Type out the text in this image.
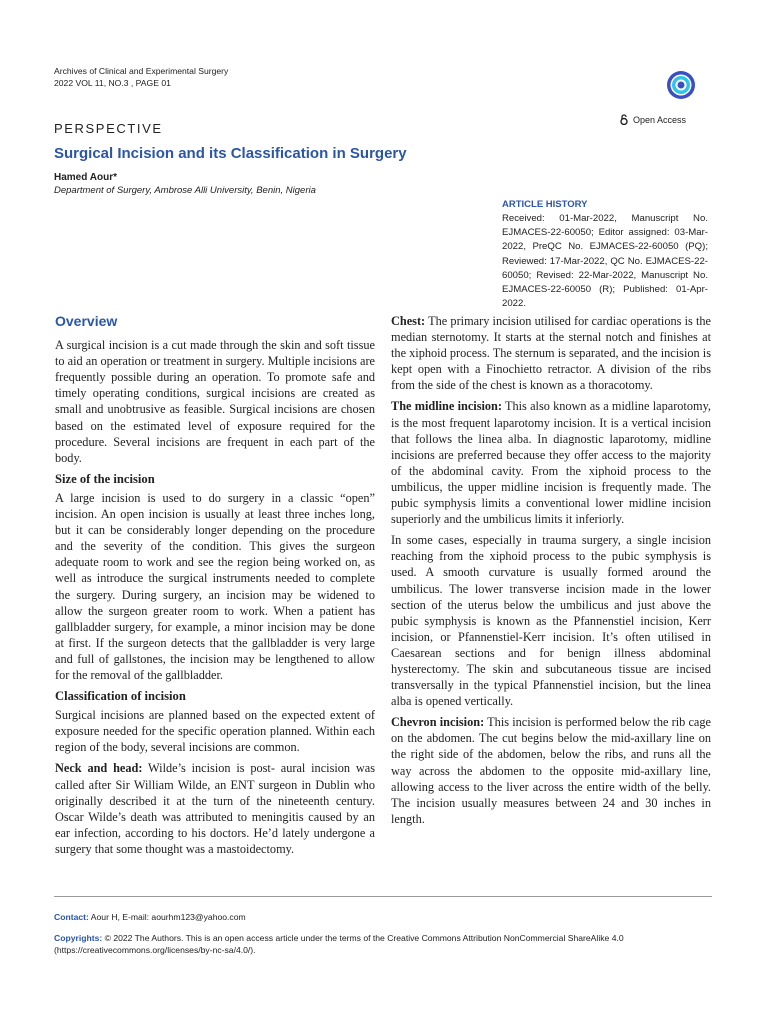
Archives of Clinical and Experimental Surgery
2022 VOL 11, NO.3 , PAGE 01
PERSPECTIVE
Open Access
Surgical Incision and its Classification in Surgery
Hamed Aour*
Department of Surgery, Ambrose Alli University, Benin, Nigeria
ARTICLE HISTORY
Received: 01-Mar-2022, Manuscript No. EJMACES-22-60050; Editor assigned: 03-Mar-2022, PreQC No. EJMACES-22-60050 (PQ); Reviewed: 17-Mar-2022, QC No. EJMACES-22-60050; Revised: 22-Mar-2022, Manuscript No. EJMACES-22-60050 (R); Published: 01-Apr-2022.
Overview

A surgical incision is a cut made through the skin and soft tissue to aid an operation or treatment in surgery. Multiple incisions are frequently possible during an operation. To promote safe and timely operating conditions, surgical incisions are created as small and unobtrusive as feasible. Surgical incisions are chosen based on the estimated level of exposure required for the procedure. Several incisions are frequent in each part of the body.

Size of the incision

A large incision is used to do surgery in a classic “open” incision. An open incision is usually at least three inches long, but it can be considerably longer depending on the procedure and the severity of the condition. This gives the surgeon adequate room to work and see the region being worked on, as well as introduce the surgical instruments needed to complete the surgery. During surgery, an incision may be widened to allow the surgeon greater room to work. When a patient has gallbladder surgery, for example, a minor incision may be done at first. If the surgeon detects that the gallbladder is very large and full of gallstones, the incision may be lengthened to allow for the removal of the gallbladder.

Classification of incision

Surgical incisions are planned based on the expected extent of exposure needed for the specific operation planned. Within each region of the body, several incisions are common.

Neck and head: Wilde’s incision is post- aural incision was called after Sir William Wilde, an ENT surgeon in Dublin who originally described it at the turn of the nineteenth century. Oscar Wilde’s death was attributed to meningitis caused by an ear infection, according to his doctors. He’d lately undergone a surgery that some thought was a mastoidectomy.

Chest: The primary incision utilised for cardiac operations is the median sternotomy. It starts at the sternal notch and finishes at the xiphoid process. The sternum is separated, and the incision is kept open with a Finochietto retractor. A division of the ribs from the side of the chest is known as a thoracotomy.

The midline incision: This also known as a midline laparotomy, is the most frequent laparotomy incision. It is a vertical incision that follows the linea alba. In diagnostic laparotomy, midline incisions are preferred because they offer access to the majority of the abdominal cavity. From the xiphoid process to the umbilicus, the upper midline incision is frequently made. The pubic symphysis limits a conventional lower midline incision superiorly and the umbilicus limits it inferiorly.

In some cases, especially in trauma surgery, a single incision reaching from the xiphoid process to the pubic symphysis is used. A smooth curvature is usually formed around the umbilicus. The lower transverse incision made in the lower section of the uterus below the umbilicus and just above the pubic symphysis is known as the Pfannenstiel incision, Kerr incision, or Pfannenstiel-Kerr incision. It’s often utilised in Caesarean sections and for benign illness abdominal hysterectomy. The skin and subcutaneous tissue are incised transversally in the typical Pfannenstiel incision, but the linea alba is opened vertically.

Chevron incision: This incision is performed below the rib cage on the abdomen. The cut begins below the mid-axillary line on the right side of the abdomen, below the ribs, and runs all the way across the abdomen to the opposite mid-axillary line, allowing access to the liver across the entire width of the belly. The incision usually measures between 24 and 30 inches in length.

Contact: Aour H, E-mail: aourhm123@yahoo.com
Copyrights: © 2022 The Authors. This is an open access article under the terms of the Creative Commons Attribution NonCommercial ShareAlike 4.0 (https://creativecommons.org/licenses/by-nc-sa/4.0/).
